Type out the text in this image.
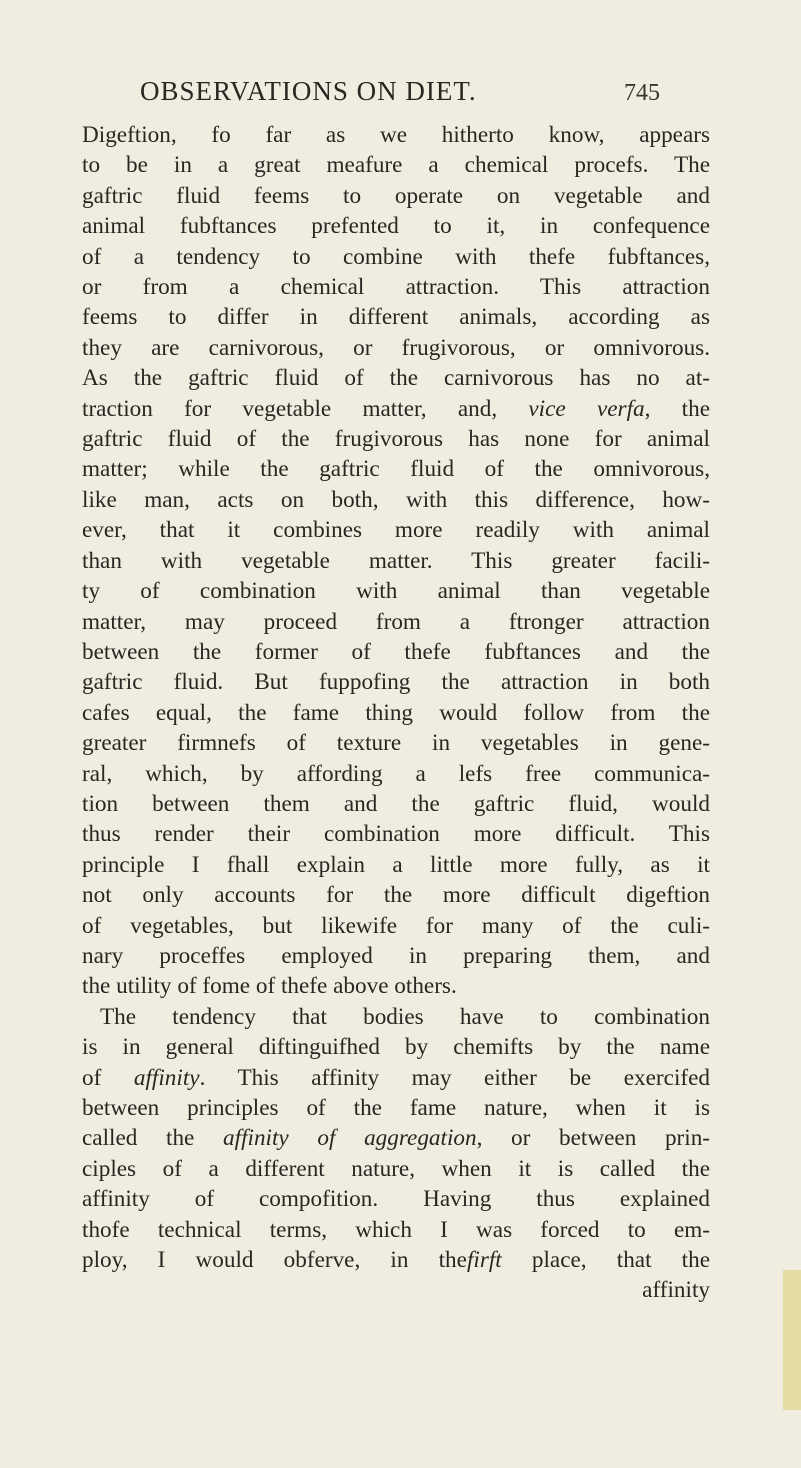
OBSERVATIONS ON DIET.	745
Digeftion, fo far as we hitherto know, appears
to be in a great meafure a chemical procefs. The
gaftric fluid feems to operate on vegetable and
animal fubftances prefented to it, in confequence
of a tendency to combine with thefe fubftances,
or from a chemical attraction. This attraction
feems to differ in different animals, according as
they are carnivorous, or frugivorous, or omnivorous.
As the gaftric fluid of the carnivorous has no at-
traction for vegetable matter, and, vice verfa, the
gaftric fluid of the frugivorous has none for animal
matter; while the gaftric fluid of the omnivorous,
like man, acts on both, with this difference, how-
ever, that it combines more readily with animal
than with vegetable matter. This greater facili-
ty of combination with animal than vegetable
matter, may proceed from a ftronger attraction
between the former of thefe fubftances and the
gaftric fluid. But fuppofing the attraction in both
cafes equal, the fame thing would follow from the
greater firmnefs of texture in vegetables in gene-
ral, which, by affording a lefs free communica-
tion between them and the gaftric fluid, would
thus render their combination more difficult. This
principle I fhall explain a little more fully, as it
not only accounts for the more difficult digeftion
of vegetables, but likewife for many of the culi-
nary proceffes employed in preparing them, and
the utility of fome of thefe above others.
The tendency that bodies have to combination
is in general diftinguifhed by chemifts by the name
of affinity. This affinity may either be exercifed
between principles of the fame nature, when it is
called the affinity of aggregation, or between prin-
ciples of a different nature, when it is called the
affinity of compofition. Having thus explained
thofe technical terms, which I was forced to em-
ploy, I would obferve, in thefirft place, that the
affinity
